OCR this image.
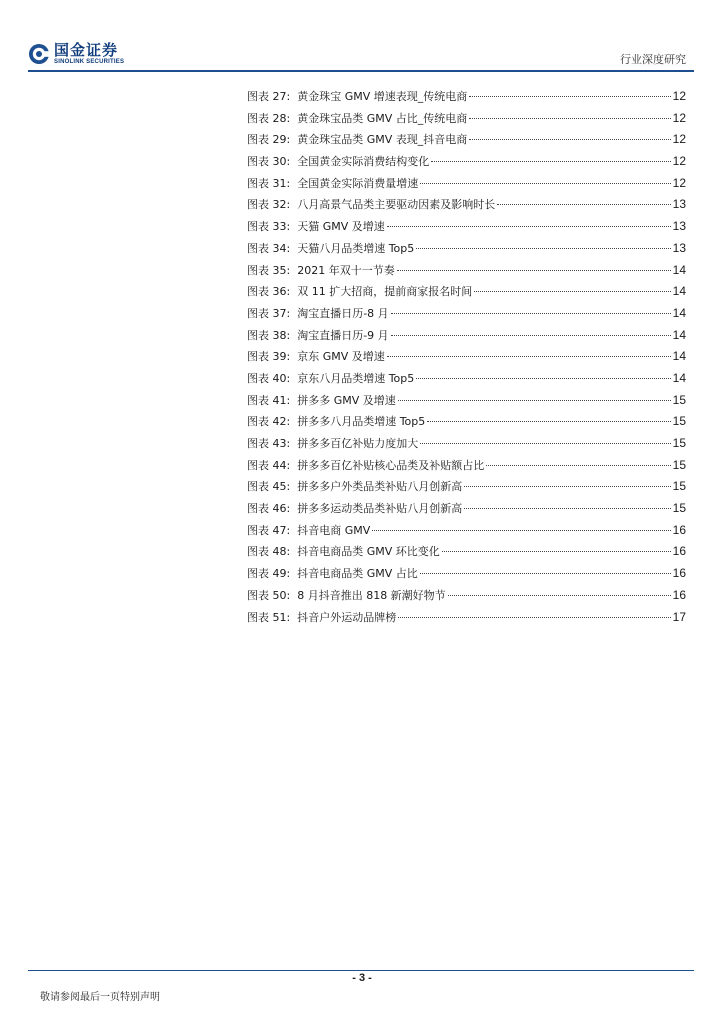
国金证券
SINOLINK SECURITIES	行业深度研究
图表 27: 黄金珠宝 GMV 增速表现_传统电商	12
图表 28: 黄金珠宝品类 GMV 占比_传统电商	12
图表 29: 黄金珠宝品类 GMV 表现_抖音电商	12
图表 30: 全国黄金实际消费结构变化	12
图表 31: 全国黄金实际消费量增速	12
图表 32: 八月高景气品类主要驱动因素及影响时长	13
图表 33: 天猫 GMV 及增速	13
图表 34: 天猫八月品类增速 Top5	13
图表 35: 2021 年双十一节奏	14
图表 36: 双 11 扩大招商，提前商家报名时间	14
图表 37: 淘宝直播日历-8 月	14
图表 38: 淘宝直播日历-9 月	14
图表 39: 京东 GMV 及增速	14
图表 40: 京东八月品类增速 Top5	14
图表 41: 拼多多 GMV 及增速	15
图表 42: 拼多多八月品类增速 Top5	15
图表 43: 拼多多百亿补贴力度加大	15
图表 44: 拼多多百亿补贴核心品类及补贴额占比	15
图表 45: 拼多多户外类品类补贴八月创新高	15
图表 46: 拼多多运动类品类补贴八月创新高	15
图表 47: 抖音电商 GMV	16
图表 48: 抖音电商品类 GMV 环比变化	16
图表 49: 抖音电商品类 GMV 占比	16
图表 50: 8 月抖音推出 818 新潮好物节	16
图表 51: 抖音户外运动品牌榜	17
- 3 -
敬请参阅最后一页特别声明
